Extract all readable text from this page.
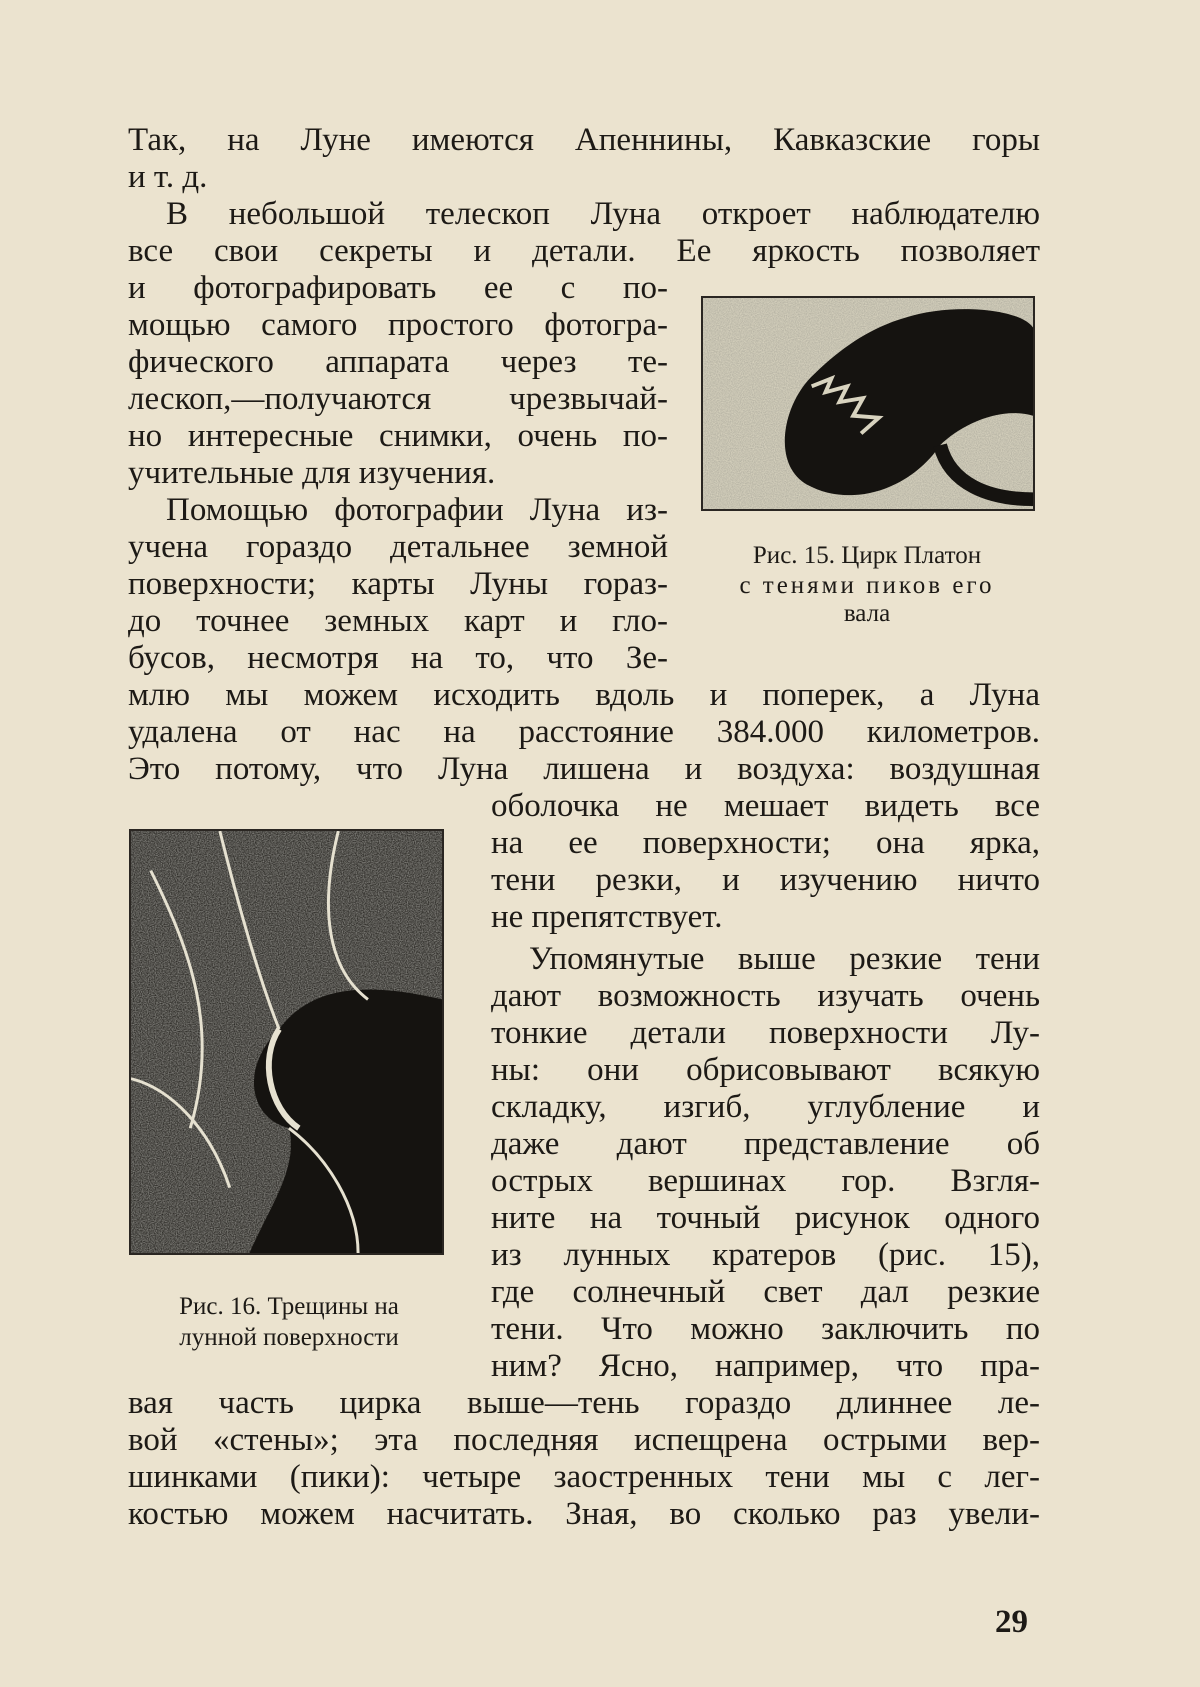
Так, на Луне имеются Апеннины, Кавказские горы
и т. д.
В небольшой телескоп Луна откроет наблюдателю
все свои секреты и детали. Ее яркость позволяет
и фотографировать ее с по-
мощью самого простого фотогра-
фического аппарата через те-
лескоп,—получаются чрезвычай-
но интересные снимки, очень по-
учительные для изучения.
Помощью фотографии Луна из-
учена гораздо детальнее земной
поверхности; карты Луны гораз-
до точнее земных карт и гло-
бусов, несмотря на то, что Зе-
млю мы можем исходить вдоль и поперек, а Луна
удалена от нас на расстояние 384.000 километров.
Это потому, что Луна лишена и воздуха: воздушная
оболочка не мешает видеть все
на ее поверхности; она ярка,
тени резки, и изучению ничто
не препятствует.
Упомянутые выше резкие тени
дают возможность изучать очень
тонкие детали поверхности Лу-
ны: они обрисовывают всякую
складку, изгиб, углубление и
даже дают представление об
острых вершинах гор. Взгля-
ните на точный рисунок одного
из лунных кратеров (рис. 15),
где солнечный свет дал резкие
тени. Что можно заключить по
ним? Ясно, например, что пра-
вая часть цирка выше—тень гораздо длиннее ле-
вой «стены»; эта последняя испещрена острыми вер-
шинками (пики): четыре заостренных тени мы с лег-
костью можем насчитать. Зная, во сколько раз увели-
Рис. 15. Цирк Платон
с тенями пиков его
вала
Рис. 16. Трещины на
лунной поверхности
29
